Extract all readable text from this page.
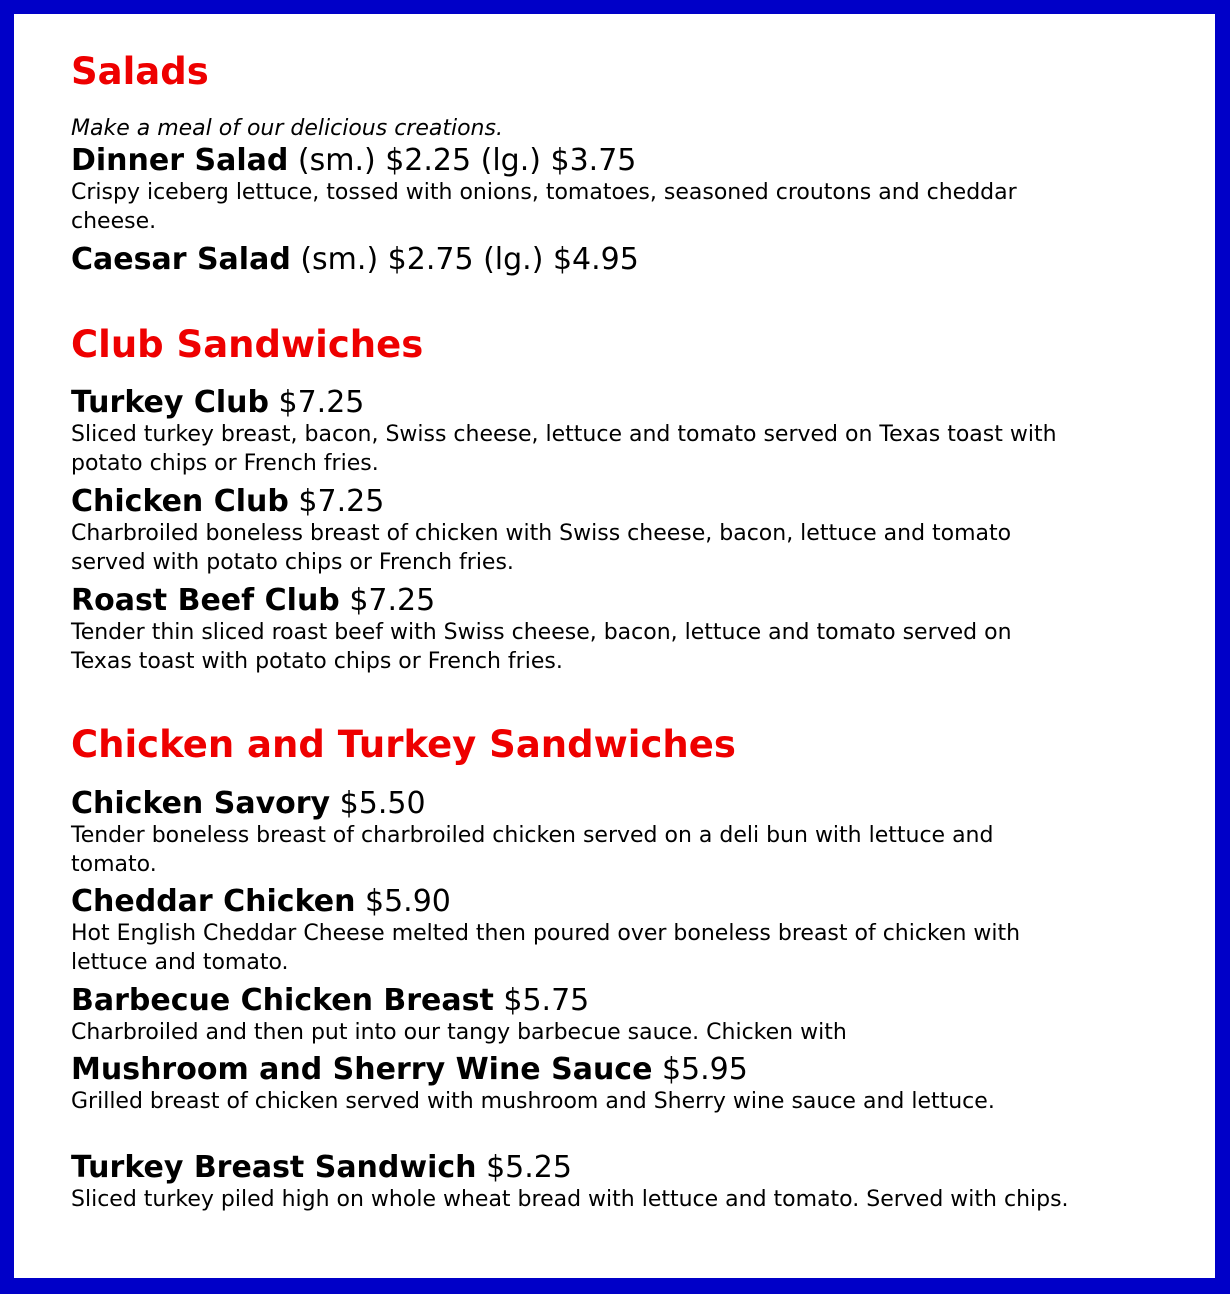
Salads

Make a meal of our delicious creations.

Dinner Salad (sm.) $2.25 (lg.) $3.75

Crispy iceberg lettuce, tossed with onions, tomatoes, seasoned croutons and cheddar cheese.

Caesar Salad (sm.) $2.75 (lg.) $4.95

Club Sandwiches

Turkey Club $7.25

Sliced turkey breast, bacon, Swiss cheese, lettuce and tomato served on Texas toast with potato chips or French fries.

Chicken Club $7.25

Charbroiled boneless breast of chicken with Swiss cheese, bacon, lettuce and tomato served with potato chips or French fries.

Roast Beef Club $7.25

Tender thin sliced roast beef with Swiss cheese, bacon, lettuce and tomato served on Texas toast with potato chips or French fries.

Chicken and Turkey Sandwiches

Chicken Savory $5.50

Tender boneless breast of charbroiled chicken served on a deli bun with lettuce and tomato.

Cheddar Chicken $5.90

Hot English Cheddar Cheese melted then poured over boneless breast of chicken with lettuce and tomato.

Barbecue Chicken Breast $5.75

Charbroiled and then put into our tangy barbecue sauce. Chicken with

Mushroom and Sherry Wine Sauce $5.95

Grilled breast of chicken served with mushroom and Sherry wine sauce and lettuce.

Turkey Breast Sandwich $5.25

Sliced turkey piled high on whole wheat bread with lettuce and tomato. Served with chips.
